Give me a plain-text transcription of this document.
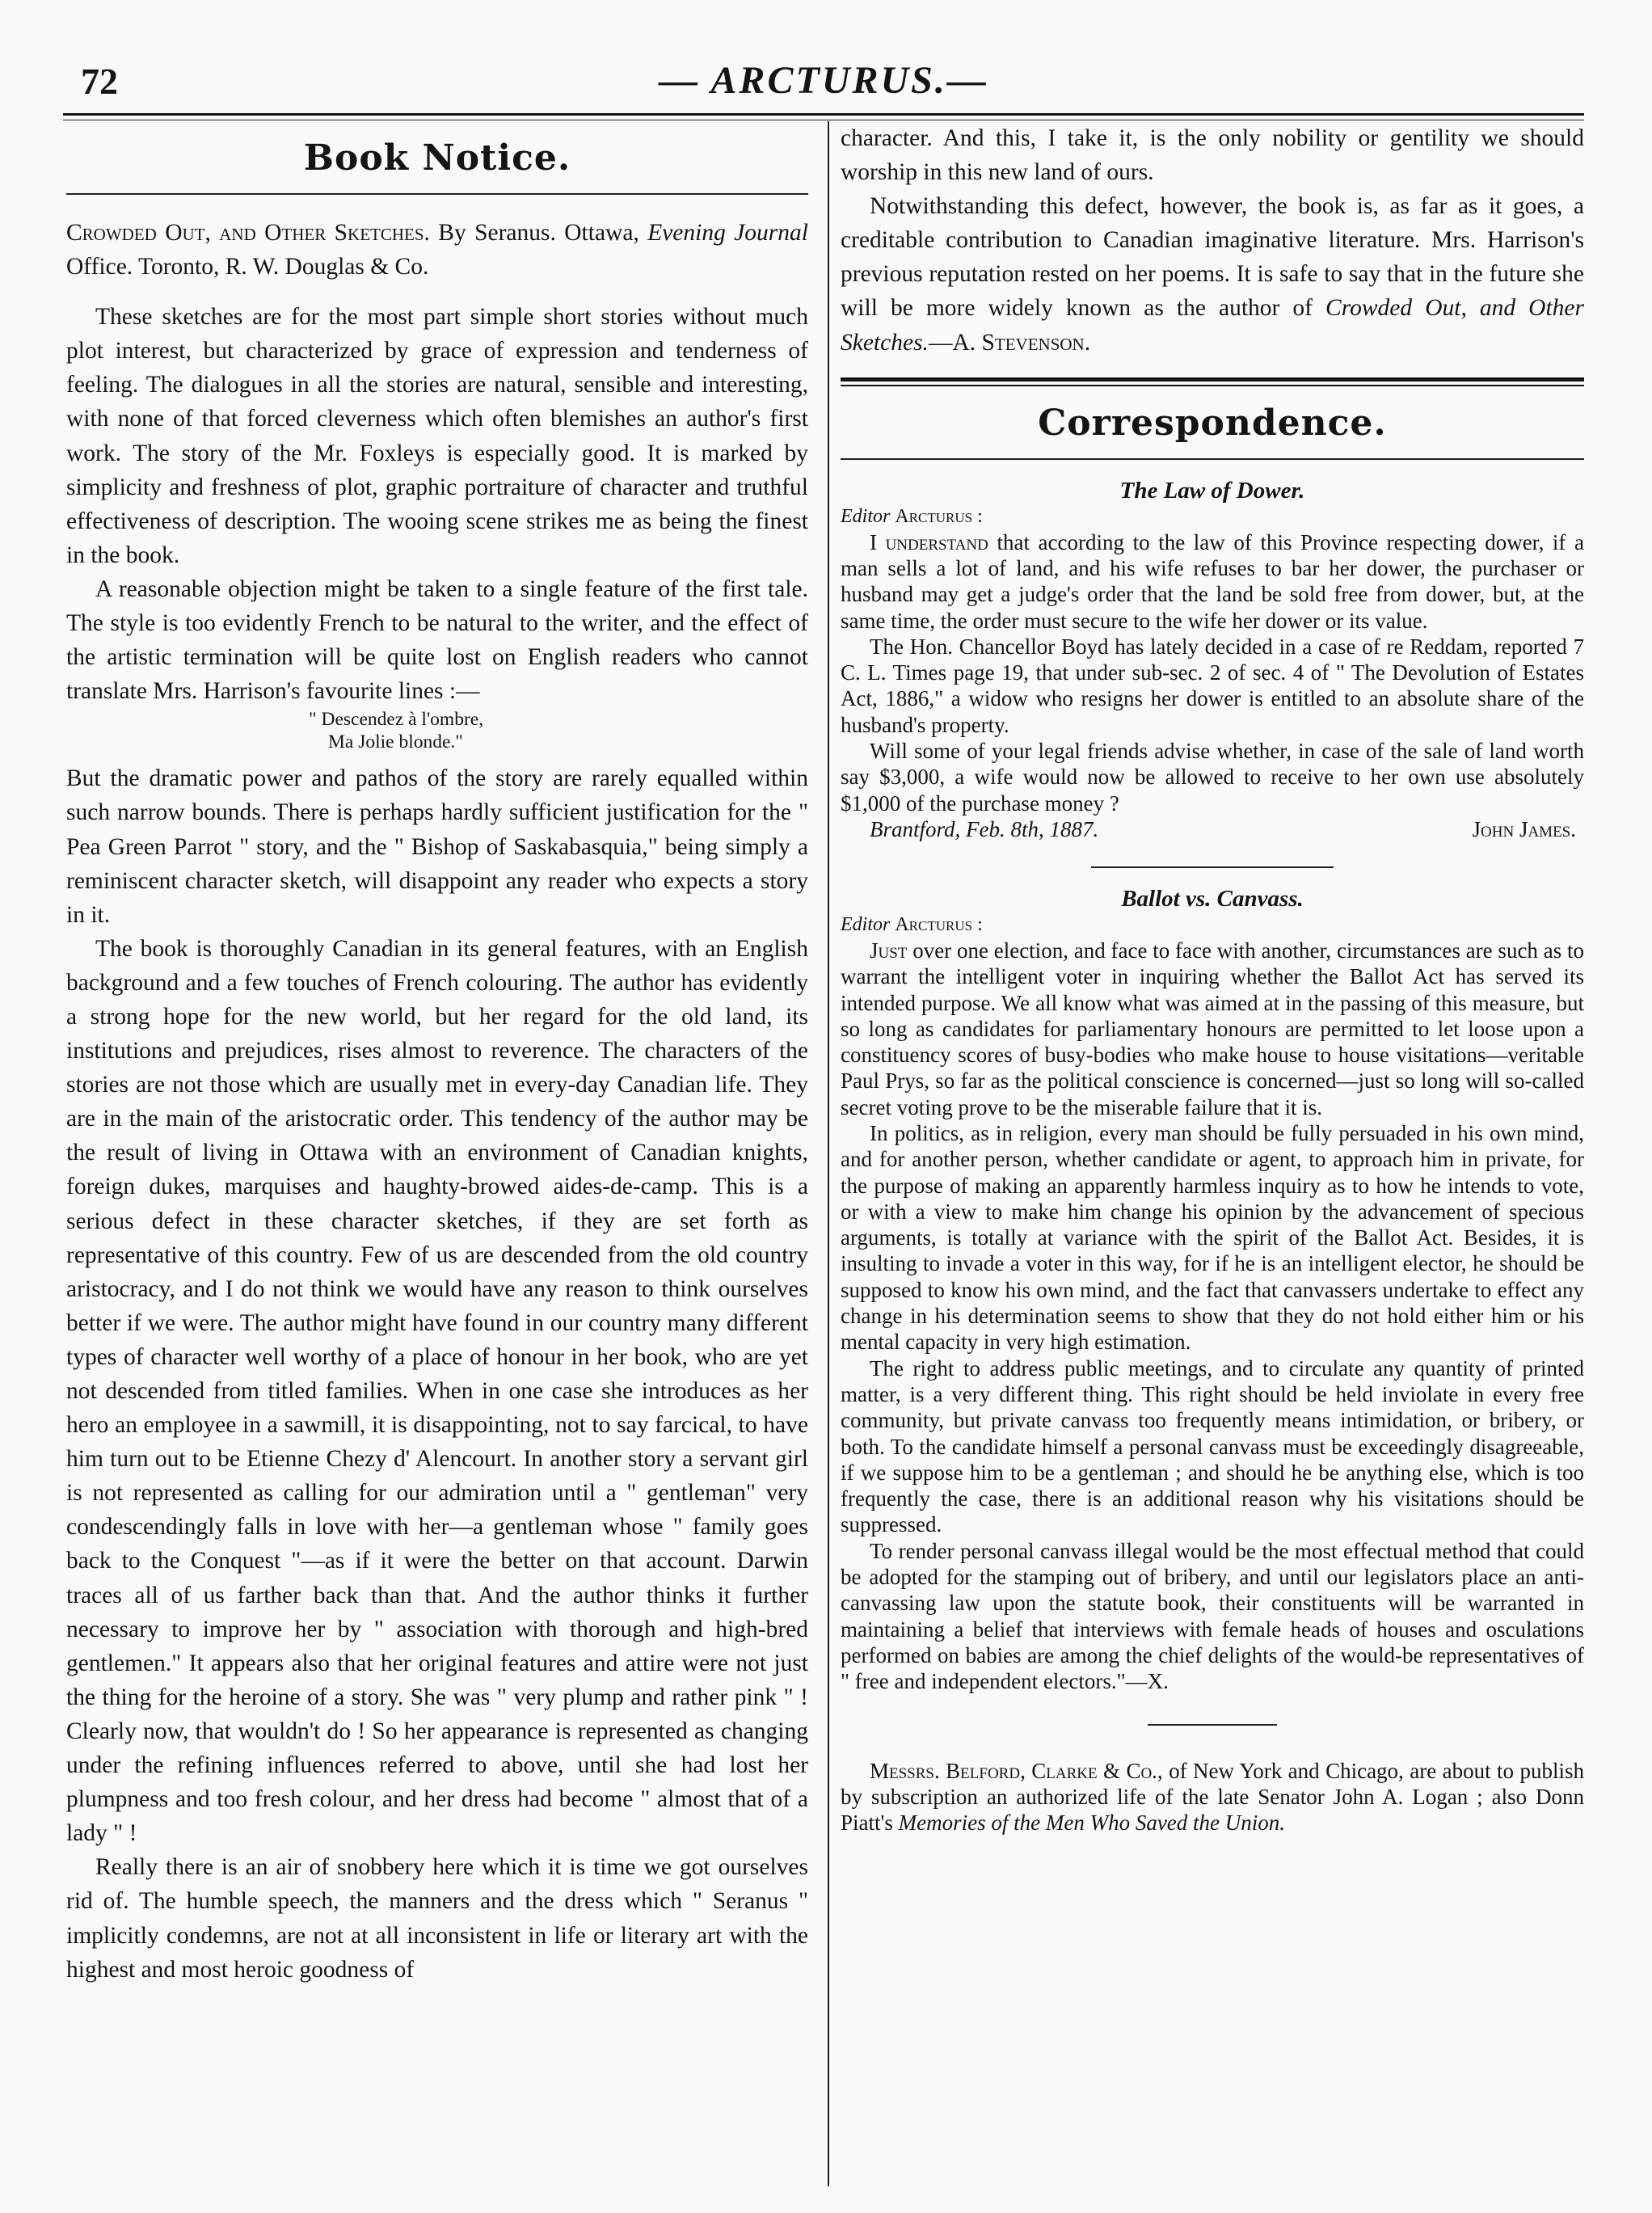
72	— ARCTURUS.—
Book Notice.

Crowded Out, and Other Sketches. By Seranus. Ottawa, Evening Journal Office. Toronto, R. W. Douglas & Co.

These sketches are for the most part simple short stories without much plot interest, but characterized by grace of expression and tenderness of feeling. The dialogues in all the stories are natural, sensible and interesting, with none of that forced cleverness which often blemishes an author's first work. The story of the Mr. Foxleys is especially good. It is marked by simplicity and freshness of plot, graphic portraiture of character and truthful effectiveness of description. The wooing scene strikes me as being the finest in the book.

A reasonable objection might be taken to a single feature of the first tale. The style is too evidently French to be natural to the writer, and the effect of the artistic termination will be quite lost on English readers who cannot translate Mrs. Harrison's favourite lines :—

" Descendez à l'ombre,
Ma Jolie blonde."

But the dramatic power and pathos of the story are rarely equalled within such narrow bounds. There is perhaps hardly sufficient justification for the " Pea Green Parrot " story, and the " Bishop of Saskabasquia," being simply a reminiscent character sketch, will disappoint any reader who expects a story in it.

The book is thoroughly Canadian in its general features, with an English background and a few touches of French colouring. The author has evidently a strong hope for the new world, but her regard for the old land, its institutions and prejudices, rises almost to reverence. The characters of the stories are not those which are usually met in every-day Canadian life. They are in the main of the aristocratic order. This tendency of the author may be the result of living in Ottawa with an environment of Canadian knights, foreign dukes, marquises and haughty-browed aides-de-camp. This is a serious defect in these character sketches, if they are set forth as representative of this country. Few of us are descended from the old country aristocracy, and I do not think we would have any reason to think ourselves better if we were. The author might have found in our country many different types of character well worthy of a place of honour in her book, who are yet not descended from titled families. When in one case she introduces as her hero an employee in a sawmill, it is disappointing, not to say farcical, to have him turn out to be Etienne Chezy d' Alencourt. In another story a servant girl is not represented as calling for our admiration until a " gentleman" very condescendingly falls in love with her—a gentleman whose " family goes back to the Conquest "—as if it were the better on that account. Darwin traces all of us farther back than that. And the author thinks it further necessary to improve her by " association with thorough and high-bred gentlemen." It appears also that her original features and attire were not just the thing for the heroine of a story. She was " very plump and rather pink " ! Clearly now, that wouldn't do ! So her appearance is represented as changing under the refining influences referred to above, until she had lost her plumpness and too fresh colour, and her dress had become " almost that of a lady " !

Really there is an air of snobbery here which it is time we got ourselves rid of. The humble speech, the manners and the dress which " Seranus " implicitly condemns, are not at all inconsistent in life or literary art with the highest and most heroic goodness of

character. And this, I take it, is the only nobility or gentility we should worship in this new land of ours.

Notwithstanding this defect, however, the book is, as far as it goes, a creditable contribution to Canadian imaginative literature. Mrs. Harrison's previous reputation rested on her poems. It is safe to say that in the future she will be more widely known as the author of Crowded Out, and Other Sketches.—A. Stevenson.

Correspondence.
The Law of Dower.
Editor Arcturus :

I understand that according to the law of this Province respecting dower, if a man sells a lot of land, and his wife refuses to bar her dower, the purchaser or husband may get a judge's order that the land be sold free from dower, but, at the same time, the order must secure to the wife her dower or its value.

The Hon. Chancellor Boyd has lately decided in a case of re Reddam, reported 7 C. L. Times page 19, that under sub-sec. 2 of sec. 4 of " The Devolution of Estates Act, 1886," a widow who resigns her dower is entitled to an absolute share of the husband's property.

Will some of your legal friends advise whether, in case of the sale of land worth say $3,000, a wife would now be allowed to receive to her own use absolutely $1,000 of the purchase money ?

Brantford, Feb. 8th, 1887.	John James.
Ballot vs. Canvass.
Editor Arcturus :

Just over one election, and face to face with another, circumstances are such as to warrant the intelligent voter in inquiring whether the Ballot Act has served its intended purpose. We all know what was aimed at in the passing of this measure, but so long as candidates for parliamentary honours are permitted to let loose upon a constituency scores of busy-bodies who make house to house visitations—veritable Paul Prys, so far as the political conscience is concerned—just so long will so-called secret voting prove to be the miserable failure that it is.

In politics, as in religion, every man should be fully persuaded in his own mind, and for another person, whether candidate or agent, to approach him in private, for the purpose of making an apparently harmless inquiry as to how he intends to vote, or with a view to make him change his opinion by the advancement of specious arguments, is totally at variance with the spirit of the Ballot Act. Besides, it is insulting to invade a voter in this way, for if he is an intelligent elector, he should be supposed to know his own mind, and the fact that canvassers undertake to effect any change in his determination seems to show that they do not hold either him or his mental capacity in very high estimation.

The right to address public meetings, and to circulate any quantity of printed matter, is a very different thing. This right should be held inviolate in every free community, but private canvass too frequently means intimidation, or bribery, or both. To the candidate himself a personal canvass must be exceedingly disagreeable, if we suppose him to be a gentleman ; and should he be anything else, which is too frequently the case, there is an additional reason why his visitations should be suppressed.

To render personal canvass illegal would be the most effectual method that could be adopted for the stamping out of bribery, and until our legislators place an anti-canvassing law upon the statute book, their constituents will be warranted in maintaining a belief that interviews with female heads of houses and osculations performed on babies are among the chief delights of the would-be representatives of " free and independent electors."—X.

Messrs. Belford, Clarke & Co., of New York and Chicago, are about to publish by subscription an authorized life of the late Senator John A. Logan ; also Donn Piatt's Memories of the Men Who Saved the Union.
